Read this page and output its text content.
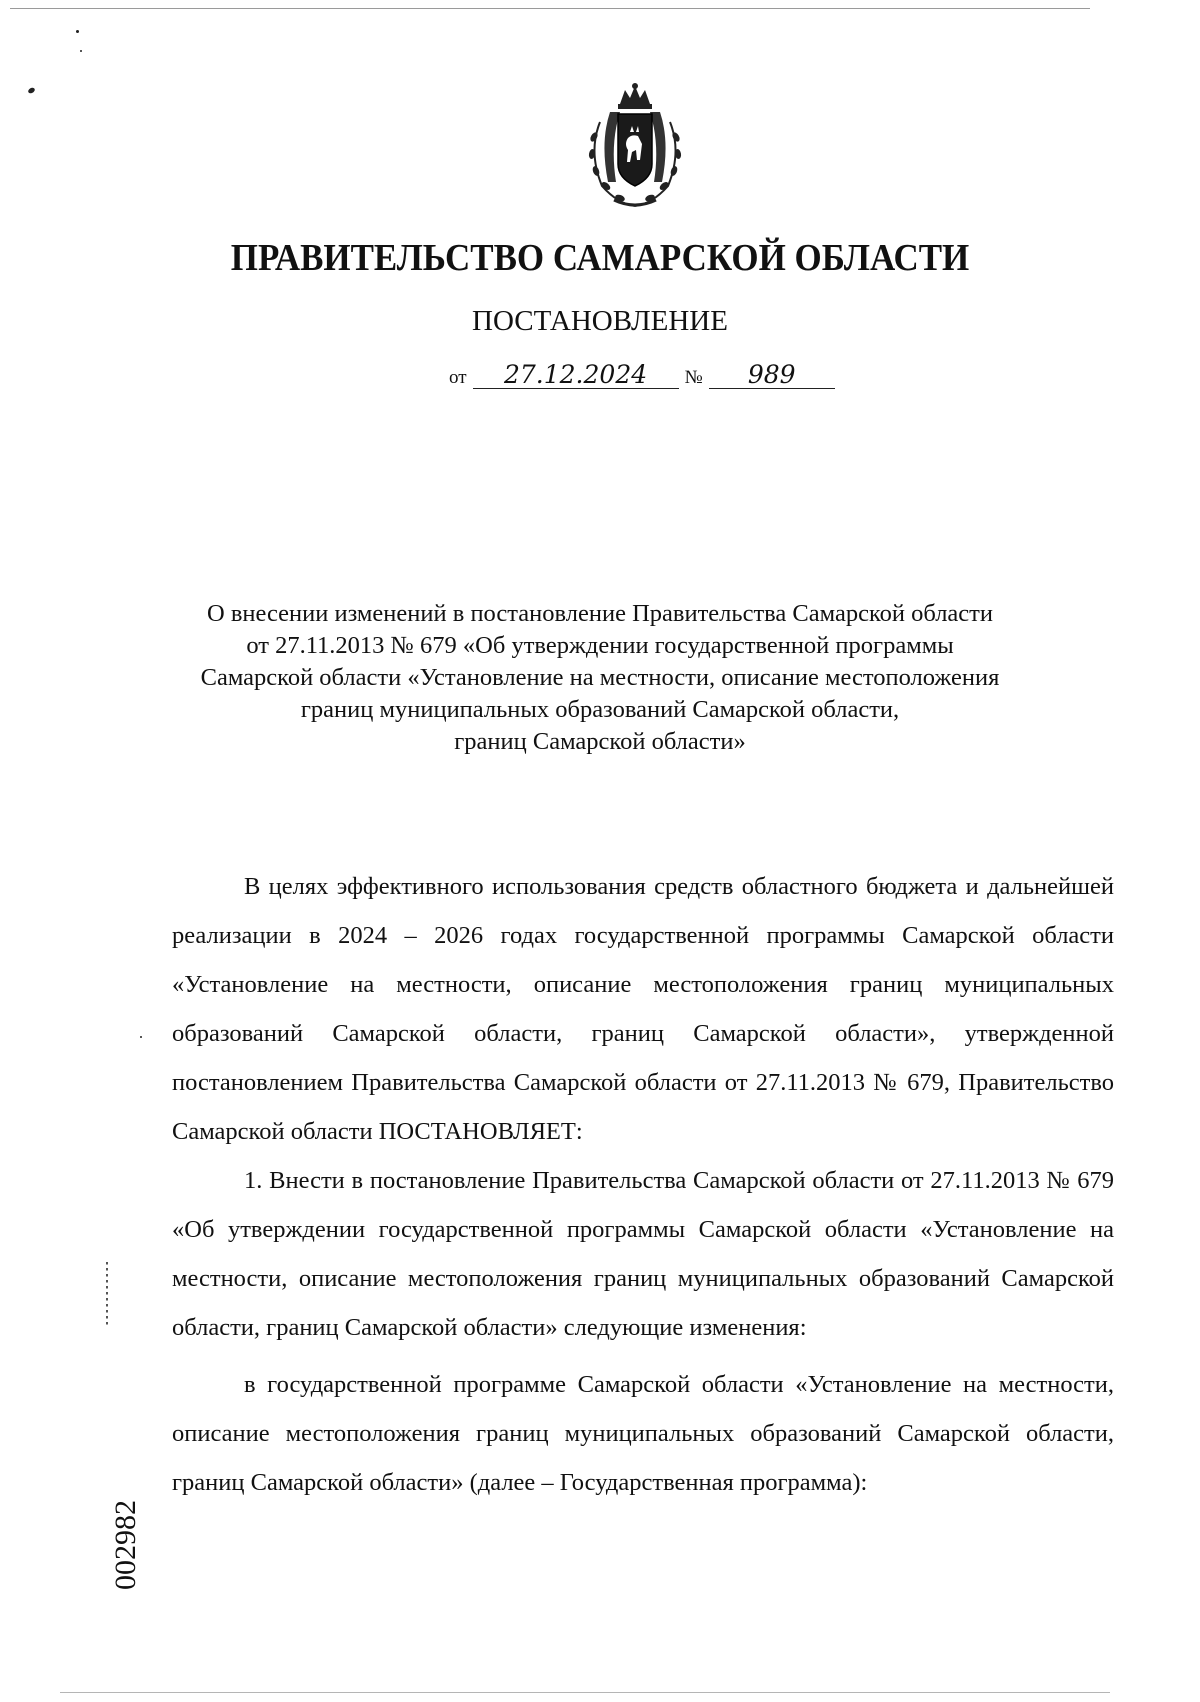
ПРАВИТЕЛЬСТВО САМАРСКОЙ ОБЛАСТИ
ПОСТАНОВЛЕНИЕ
от 27.12.2024 № 989
О внесении изменений в постановление Правительства Самарской области
от 27.11.2013 № 679 «Об утверждении государственной программы
Самарской области «Установление на местности, описание местоположения
границ муниципальных образований Самарской области,
границ Самарской области»

В целях эффективного использования средств областного бюджета и дальнейшей реализации в 2024 – 2026 годах государственной программы Самарской области «Установление на местности, описание местоположения границ муниципальных образований Самарской области, границ Самарской области», утвержденной постановлением Правительства Самарской области от 27.11.2013 № 679, Правительство Самарской области ПОСТАНОВЛЯЕТ:

1. Внести в постановление Правительства Самарской области от 27.11.2013 № 679 «Об утверждении государственной программы Самарской области «Установление на местности, описание местоположения границ муниципальных образований Самарской области, границ Самарской области» следующие изменения:

в государственной программе Самарской области «Установление на местности, описание местоположения границ муниципальных образований Самарской области, границ Самарской области» (далее – Государственная программа):

002982
